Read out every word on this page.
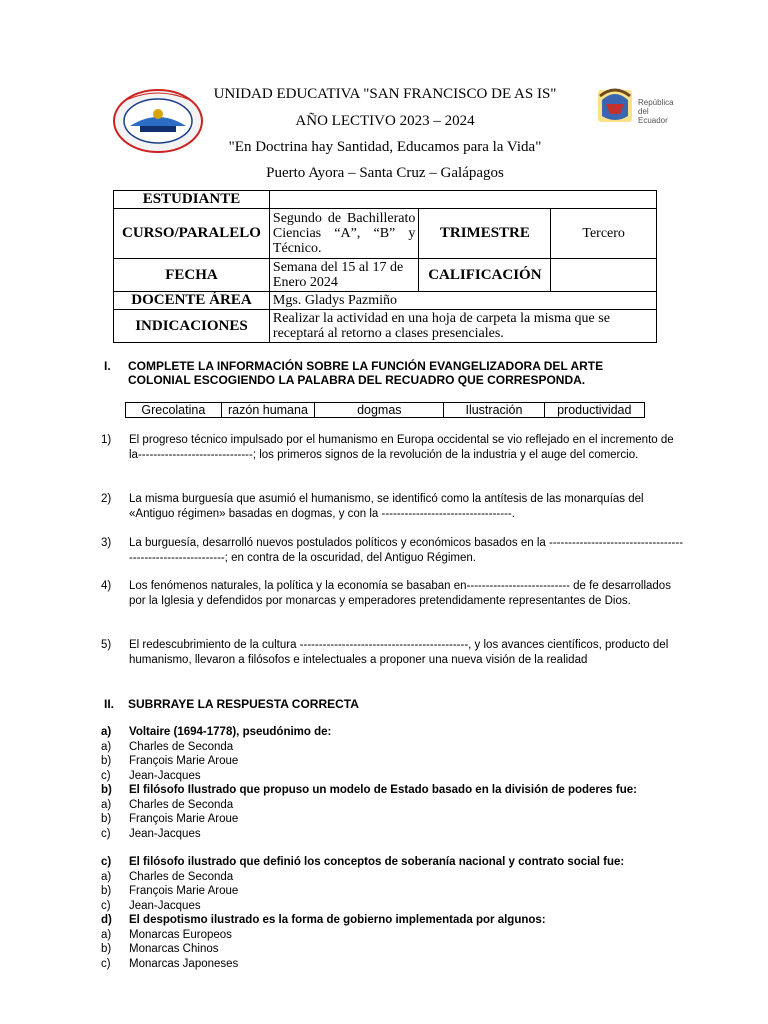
República
del Ecuador
UNIDAD EDUCATIVA "SAN FRANCISCO DE AS IS"
AÑO LECTIVO 2023 – 2024
"En Doctrina hay Santidad, Educamos para la Vida"
Puerto Ayora – Santa Cruz – Galápagos
ESTUDIANTE			
CURSO/PARALELO	Segundo de Bachillerato Ciencias “A”, “B” y Técnico.	TRIMESTRE	Tercero
FECHA	Semana del 15 al 17 de Enero 2024	CALIFICACIÓN	
DOCENTE ÁREA	Mgs. Gladys Pazmiño		
INDICACIONES	Realizar la actividad en una hoja de carpeta la misma que se receptará al retorno a clases presenciales.		
I. COMPLETE LA INFORMACIÓN SOBRE LA FUNCIÓN EVANGELIZADORA DEL ARTE COLONIAL ESCOGIENDO LA PALABRA DEL RECUADRO QUE CORRESPONDA.
Grecolatina	razón humana	dogmas	Ilustración	productividad
1) El progreso técnico impulsado por el humanismo en Europa occidental se vio reflejado en el incremento de la------------------------------; los primeros signos de la revolución de la industria y el auge del comercio.
2) La misma burguesía que asumió el humanismo, se identificó como la antítesis de las monarquías del «Antiguo régimen» basadas en dogmas, y con la ----------------------------------.
3) La burguesía, desarrolló nuevos postulados políticos y económicos basados en la ------------------------------------------------------------; en contra de la oscuridad, del Antiguo Régimen.
4) Los fenómenos naturales, la política y la economía se basaban en--------------------------- de fe desarrollados por la Iglesia y defendidos por monarcas y emperadores pretendidamente representantes de Dios.
5) El redescubrimiento de la cultura --------------------------------------------, y los avances científicos, producto del humanismo, llevaron a filósofos e intelectuales a proponer una nueva visión de la realidad
II. SUBRRAYE LA RESPUESTA CORRECTA
a) Voltaire (1694-1778), pseudónimo de:
a) Charles de Seconda
b) François Marie Aroue
c) Jean-Jacques
b) El filósofo Ilustrado que propuso un modelo de Estado basado en la división de poderes fue:
a) Charles de Seconda
b) François Marie Aroue
c) Jean-Jacques
c) El filósofo ilustrado que definió los conceptos de soberanía nacional y contrato social fue:
a) Charles de Seconda
b) François Marie Aroue
c) Jean-Jacques
d) El despotismo ilustrado es la forma de gobierno implementada por algunos:
a) Monarcas Europeos
b) Monarcas Chinos
c) Monarcas Japoneses
